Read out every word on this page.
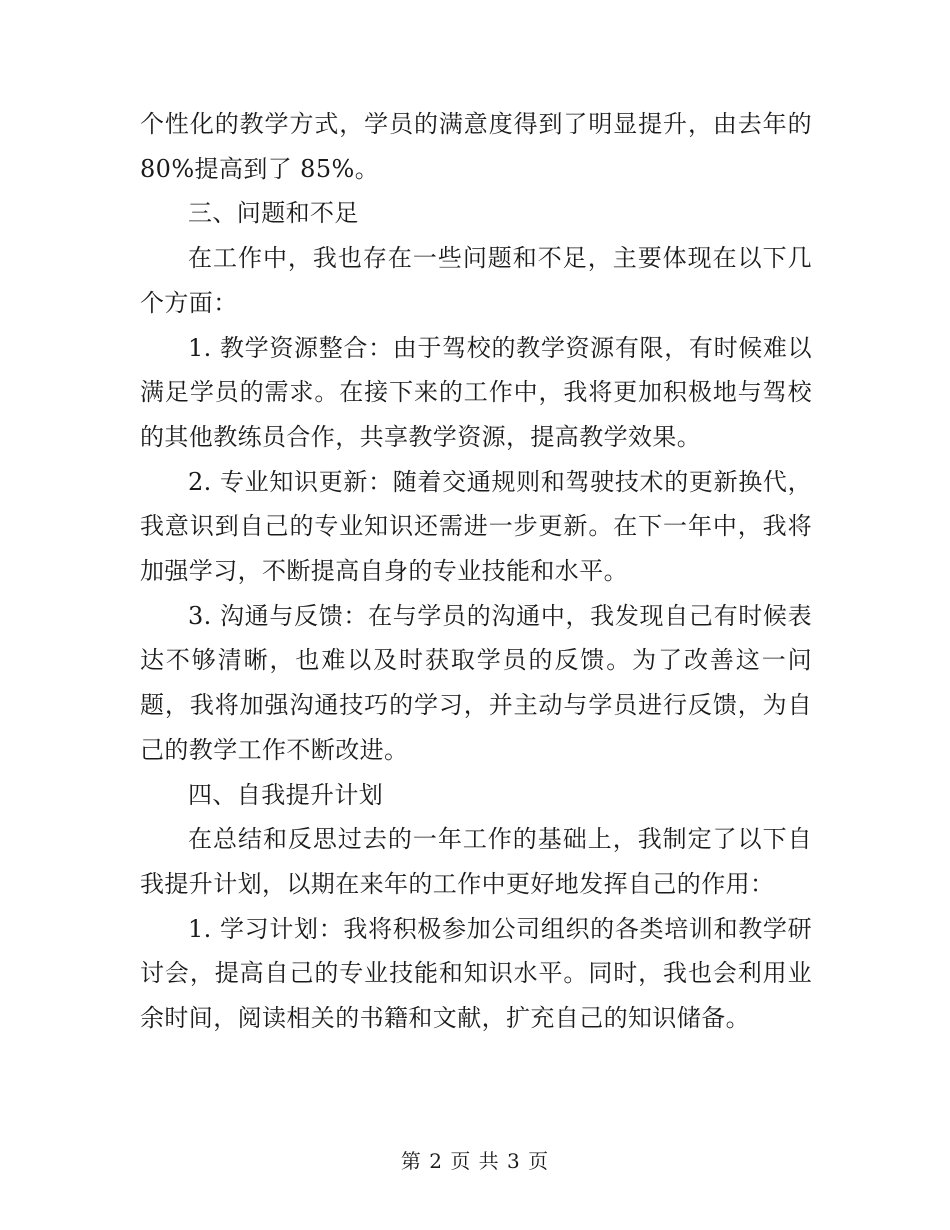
个性化的教学方式，学员的满意度得到了明显提升，由去年的 80%提高到了 85%。

三、问题和不足

在工作中，我也存在一些问题和不足，主要体现在以下几个方面：

1. 教学资源整合：由于驾校的教学资源有限，有时候难以满足学员的需求。在接下来的工作中，我将更加积极地与驾校的其他教练员合作，共享教学资源，提高教学效果。

2. 专业知识更新：随着交通规则和驾驶技术的更新换代，我意识到自己的专业知识还需进一步更新。在下一年中，我将加强学习，不断提高自身的专业技能和水平。

3. 沟通与反馈：在与学员的沟通中，我发现自己有时候表达不够清晰，也难以及时获取学员的反馈。为了改善这一问题，我将加强沟通技巧的学习，并主动与学员进行反馈，为自己的教学工作不断改进。

四、自我提升计划

在总结和反思过去的一年工作的基础上，我制定了以下自我提升计划，以期在来年的工作中更好地发挥自己的作用：

1. 学习计划：我将积极参加公司组织的各类培训和教学研讨会，提高自己的专业技能和知识水平。同时，我也会利用业余时间，阅读相关的书籍和文献，扩充自己的知识储备。

第 2 页 共 3 页
